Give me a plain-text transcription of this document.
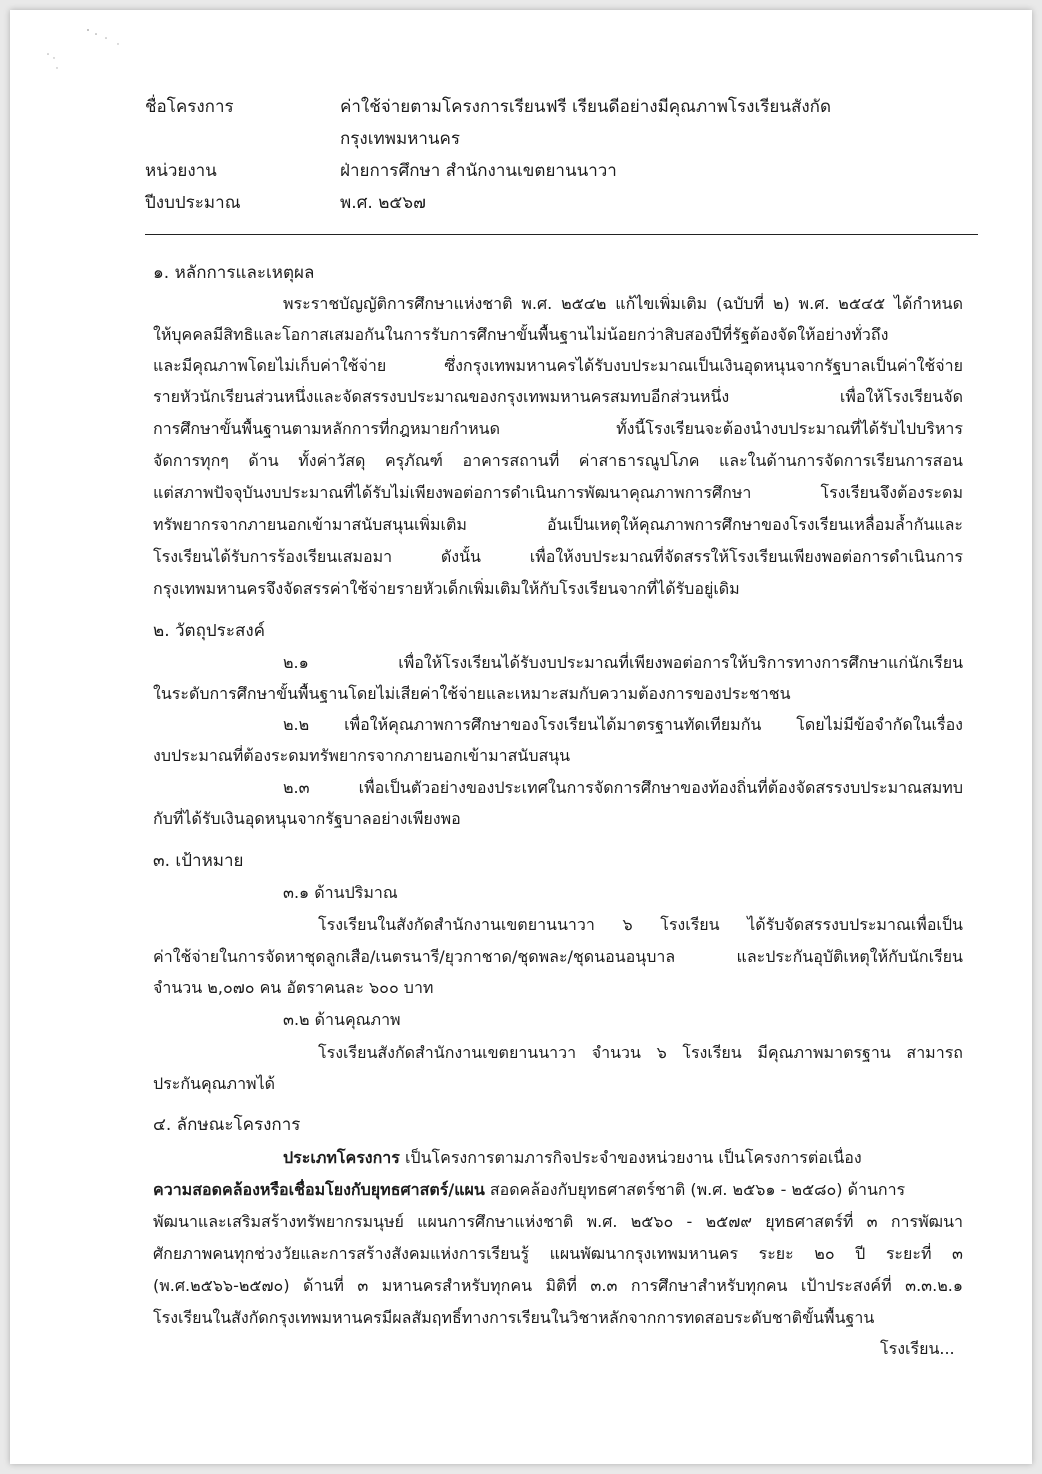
ชื่อโครงการ	ค่าใช้จ่ายตามโครงการเรียนฟรี เรียนดีอย่างมีคุณภาพโรงเรียนสังกัด
กรุงเทพมหานคร
หน่วยงาน	ฝ่ายการศึกษา สำนักงานเขตยานนาวา
ปีงบประมาณ	พ.ศ. ๒๕๖๗
๑. หลักการและเหตุผล
พระราชบัญญัติการศึกษาแห่งชาติ พ.ศ. ๒๕๔๒ แก้ไขเพิ่มเติม (ฉบับที่ ๒) พ.ศ. ๒๕๔๕ ได้กำหนด
ให้บุคคลมีสิทธิและโอกาสเสมอกันในการรับการศึกษาขั้นพื้นฐานไม่น้อยกว่าสิบสองปีที่รัฐต้องจัดให้อย่างทั่วถึง
และมีคุณภาพโดยไม่เก็บค่าใช้จ่าย ซึ่งกรุงเทพมหานครได้รับงบประมาณเป็นเงินอุดหนุนจากรัฐบาลเป็นค่าใช้จ่าย
รายหัวนักเรียนส่วนหนึ่งและจัดสรรงบประมาณของกรุงเทพมหานครสมทบอีกส่วนหนึ่ง เพื่อให้โรงเรียนจัด
การศึกษาขั้นพื้นฐานตามหลักการที่กฎหมายกำหนด ทั้งนี้โรงเรียนจะต้องนำงบประมาณที่ได้รับไปบริหาร
จัดการทุกๆ ด้าน ทั้งค่าวัสดุ ครุภัณฑ์ อาคารสถานที่ ค่าสาธารณูปโภค และในด้านการจัดการเรียนการสอน
แต่สภาพปัจจุบันงบประมาณที่ได้รับไม่เพียงพอต่อการดำเนินการพัฒนาคุณภาพการศึกษา โรงเรียนจึงต้องระดม
ทรัพยากรจากภายนอกเข้ามาสนับสนุนเพิ่มเติม อันเป็นเหตุให้คุณภาพการศึกษาของโรงเรียนเหลื่อมล้ำกันและ
โรงเรียนได้รับการร้องเรียนเสมอมา ดังนั้น เพื่อให้งบประมาณที่จัดสรรให้โรงเรียนเพียงพอต่อการดำเนินการ
กรุงเทพมหานครจึงจัดสรรค่าใช้จ่ายรายหัวเด็กเพิ่มเติมให้กับโรงเรียนจากที่ได้รับอยู่เดิม
๒. วัตถุประสงค์
๒.๑ เพื่อให้โรงเรียนได้รับงบประมาณที่เพียงพอต่อการให้บริการทางการศึกษาแก่นักเรียน
ในระดับการศึกษาขั้นพื้นฐานโดยไม่เสียค่าใช้จ่ายและเหมาะสมกับความต้องการของประชาชน
๒.๒ เพื่อให้คุณภาพการศึกษาของโรงเรียนได้มาตรฐานทัดเทียมกัน โดยไม่มีข้อจำกัดในเรื่อง
งบประมาณที่ต้องระดมทรัพยากรจากภายนอกเข้ามาสนับสนุน
๒.๓ เพื่อเป็นตัวอย่างของประเทศในการจัดการศึกษาของท้องถิ่นที่ต้องจัดสรรงบประมาณสมทบ
กับที่ได้รับเงินอุดหนุนจากรัฐบาลอย่างเพียงพอ
๓. เป้าหมาย
๓.๑ ด้านปริมาณ
โรงเรียนในสังกัดสำนักงานเขตยานนาวา ๖ โรงเรียน ได้รับจัดสรรงบประมาณเพื่อเป็น
ค่าใช้จ่ายในการจัดหาชุดลูกเสือ/เนตรนารี/ยุวกาชาด/ชุดพละ/ชุดนอนอนุบาล และประกันอุบัติเหตุให้กับนักเรียน
จำนวน ๒,๐๗๐ คน อัตราคนละ ๖๐๐ บาท
๓.๒ ด้านคุณภาพ
โรงเรียนสังกัดสำนักงานเขตยานนาวา จำนวน ๖ โรงเรียน มีคุณภาพมาตรฐาน สามารถ
ประกันคุณภาพได้
๔. ลักษณะโครงการ
ประเภทโครงการ เป็นโครงการตามภารกิจประจำของหน่วยงาน เป็นโครงการต่อเนื่อง
ความสอดคล้องหรือเชื่อมโยงกับยุทธศาสตร์/แผน สอดคล้องกับยุทธศาสตร์ชาติ (พ.ศ. ๒๕๖๑ - ๒๕๘๐) ด้านการ
พัฒนาและเสริมสร้างทรัพยากรมนุษย์ แผนการศึกษาแห่งชาติ พ.ศ. ๒๕๖๐ - ๒๕๗๙ ยุทธศาสตร์ที่ ๓ การพัฒนา
ศักยภาพคนทุกช่วงวัยและการสร้างสังคมแห่งการเรียนรู้ แผนพัฒนากรุงเทพมหานคร ระยะ ๒๐ ปี ระยะที่ ๓
(พ.ศ.๒๕๖๖-๒๕๗๐) ด้านที่ ๓ มหานครสำหรับทุกคน มิติที่ ๓.๓ การศึกษาสำหรับทุกคน เป้าประสงค์ที่ ๓.๓.๒.๑
โรงเรียนในสังกัดกรุงเทพมหานครมีผลสัมฤทธิ์ทางการเรียนในวิชาหลักจากการทดสอบระดับชาติขั้นพื้นฐาน
โรงเรียน...
